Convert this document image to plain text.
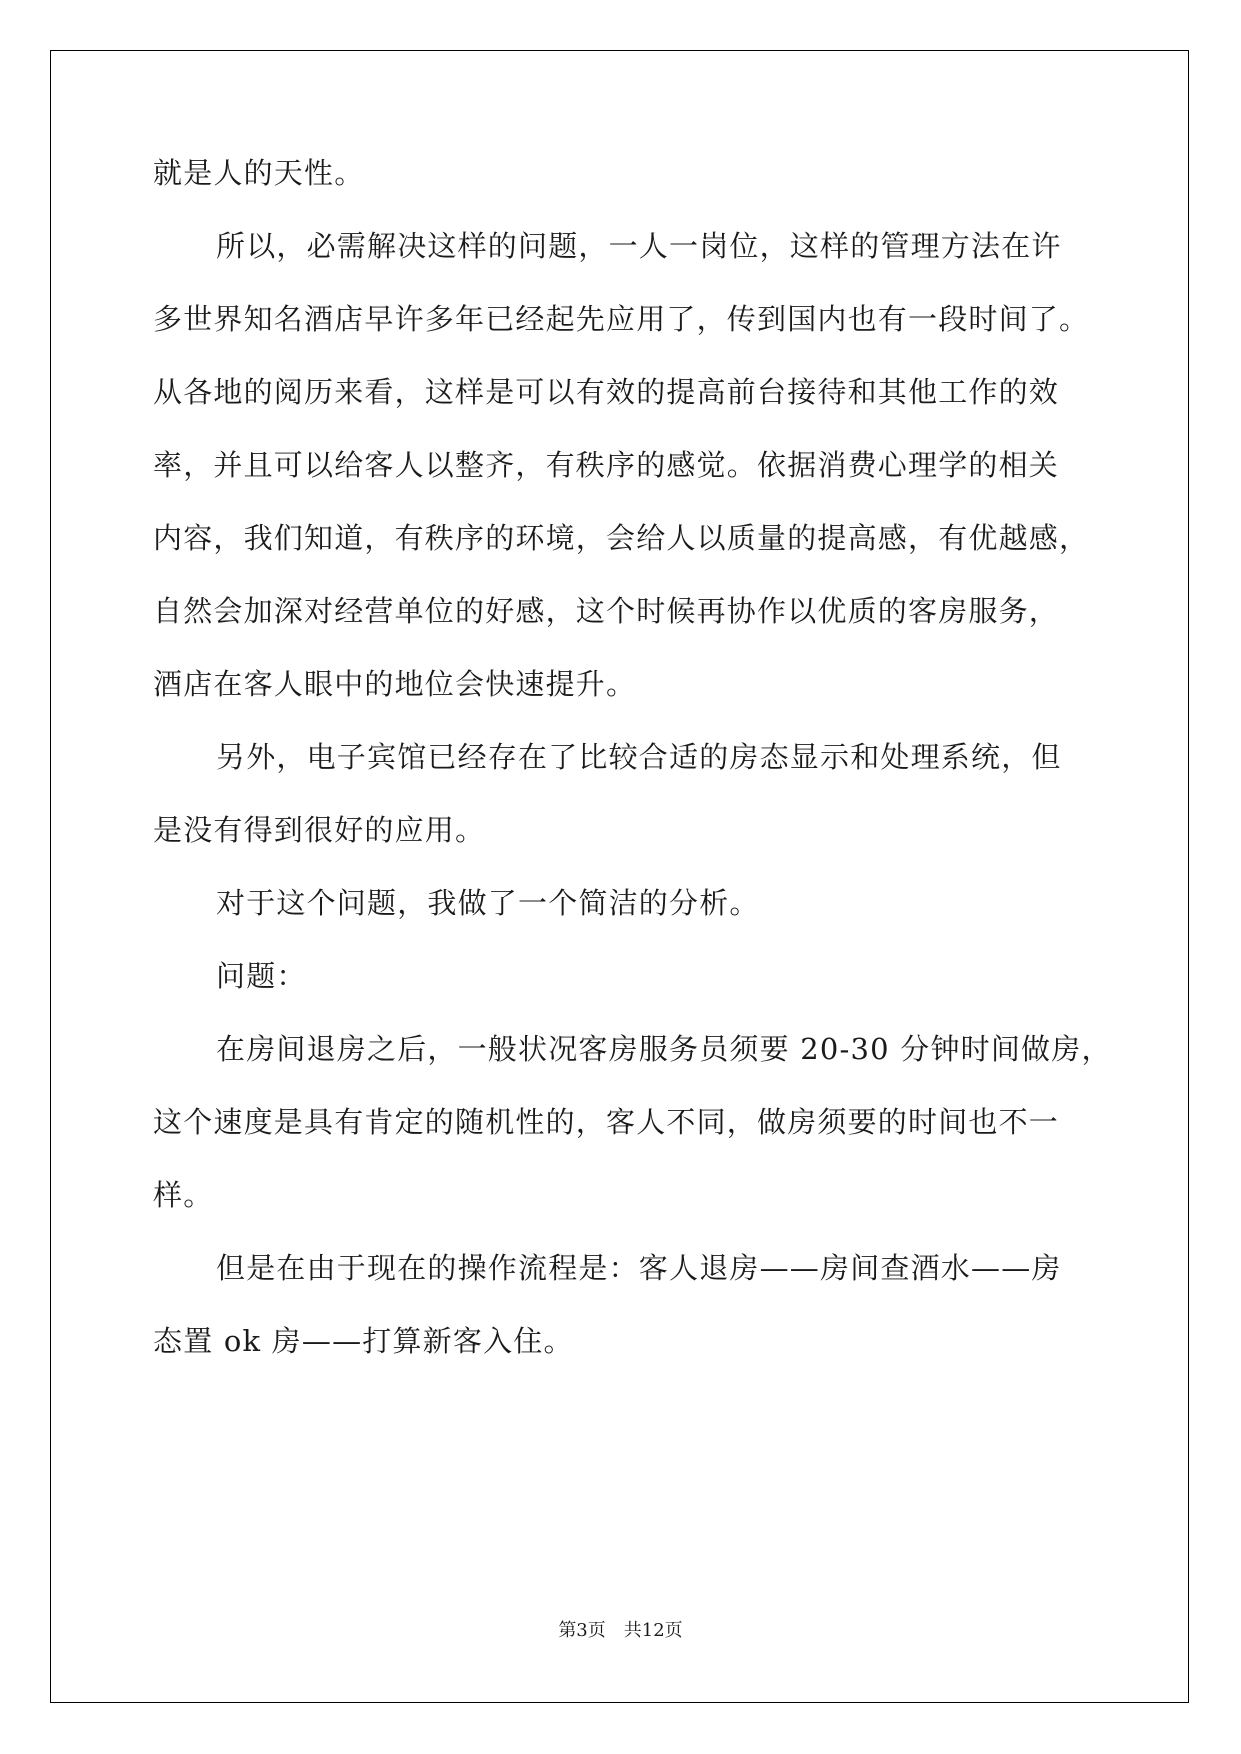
就是人的天性。
所以，必需解决这样的问题，一人一岗位，这样的管理方法在许
多世界知名酒店早许多年已经起先应用了，传到国内也有一段时间了。
从各地的阅历来看，这样是可以有效的提高前台接待和其他工作的效
率，并且可以给客人以整齐，有秩序的感觉。依据消费心理学的相关
内容，我们知道，有秩序的环境，会给人以质量的提高感，有优越感，
自然会加深对经营单位的好感，这个时候再协作以优质的客房服务，
酒店在客人眼中的地位会快速提升。
另外，电子宾馆已经存在了比较合适的房态显示和处理系统，但
是没有得到很好的应用。
对于这个问题，我做了一个简洁的分析。
问题：
在房间退房之后，一般状况客房服务员须要 20-30 分钟时间做房，
这个速度是具有肯定的随机性的，客人不同，做房须要的时间也不一
样。
但是在由于现在的操作流程是：客人退房——房间查酒水——房
态置 ok 房——打算新客入住。
第3页 共12页
